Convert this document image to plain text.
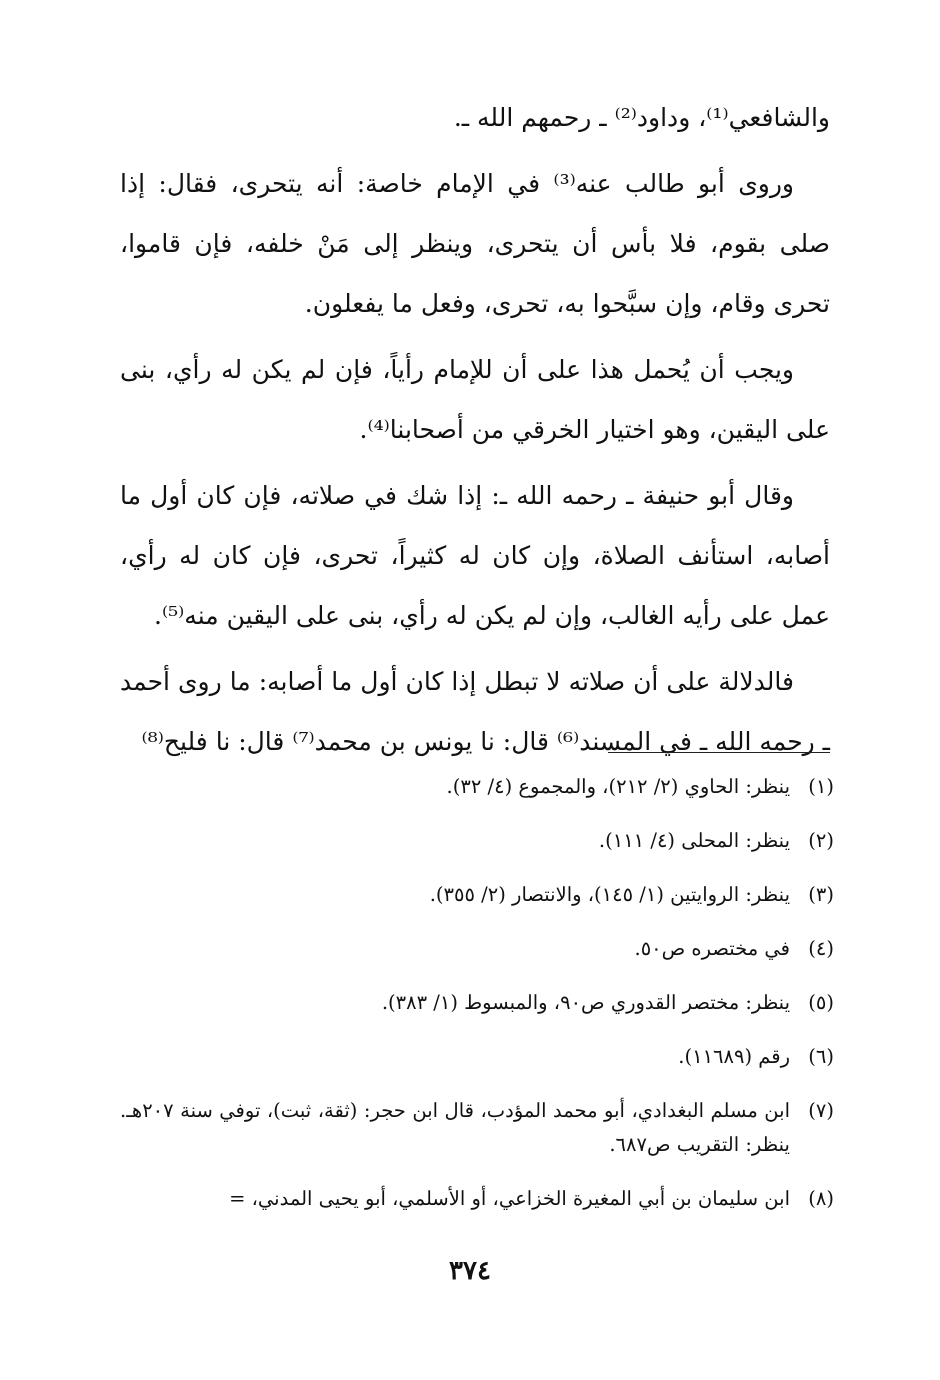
والشافعي⁽¹⁾، وداود⁽²⁾ ـ رحمهم الله ـ.

وروى أبو طالب عنه⁽³⁾ في الإمام خاصة: أنه يتحرى، فقال: إذا صلى بقوم، فلا بأس أن يتحرى، وينظر إلى مَنْ خلفه، فإن قاموا، تحرى وقام، وإن سبَّحوا به، تحرى، وفعل ما يفعلون.

ويجب أن يُحمل هذا على أن للإمام رأياً، فإن لم يكن له رأي، بنى على اليقين، وهو اختيار الخرقي من أصحابنا⁽⁴⁾.

وقال أبو حنيفة ـ رحمه الله ـ: إذا شك في صلاته، فإن كان أول ما أصابه، استأنف الصلاة، وإن كان له كثيراً، تحرى، فإن كان له رأي، عمل على رأيه الغالب، وإن لم يكن له رأي، بنى على اليقين منه⁽⁵⁾.

فالدلالة على أن صلاته لا تبطل إذا كان أول ما أصابه: ما روى أحمد ـ رحمه الله ـ في المسند⁽⁶⁾ قال: نا يونس بن محمد⁽⁷⁾ قال: نا فليح⁽⁸⁾

(١)
ينظر: الحاوي (٢/ ٢١٢)، والمجموع (٤/ ٣٢).
(٢)
ينظر: المحلى (٤/ ١١١).
(٣)
ينظر: الروايتين (١/ ١٤٥)، والانتصار (٢/ ٣٥٥).
(٤)
في مختصره ص٥٠.
(٥)
ينظر: مختصر القدوري ص٩٠، والمبسوط (١/ ٣٨٣).
(٦)
رقم (١١٦٨٩).
(٧)
ابن مسلم البغدادي، أبو محمد المؤدب، قال ابن حجر: (ثقة، ثبت)، توفي سنة ٢٠٧هـ. ينظر: التقريب ص٦٨٧.
(٨)
ابن سليمان بن أبي المغيرة الخزاعي، أو الأسلمي، أبو يحيى المدني، =
٣٧٤
